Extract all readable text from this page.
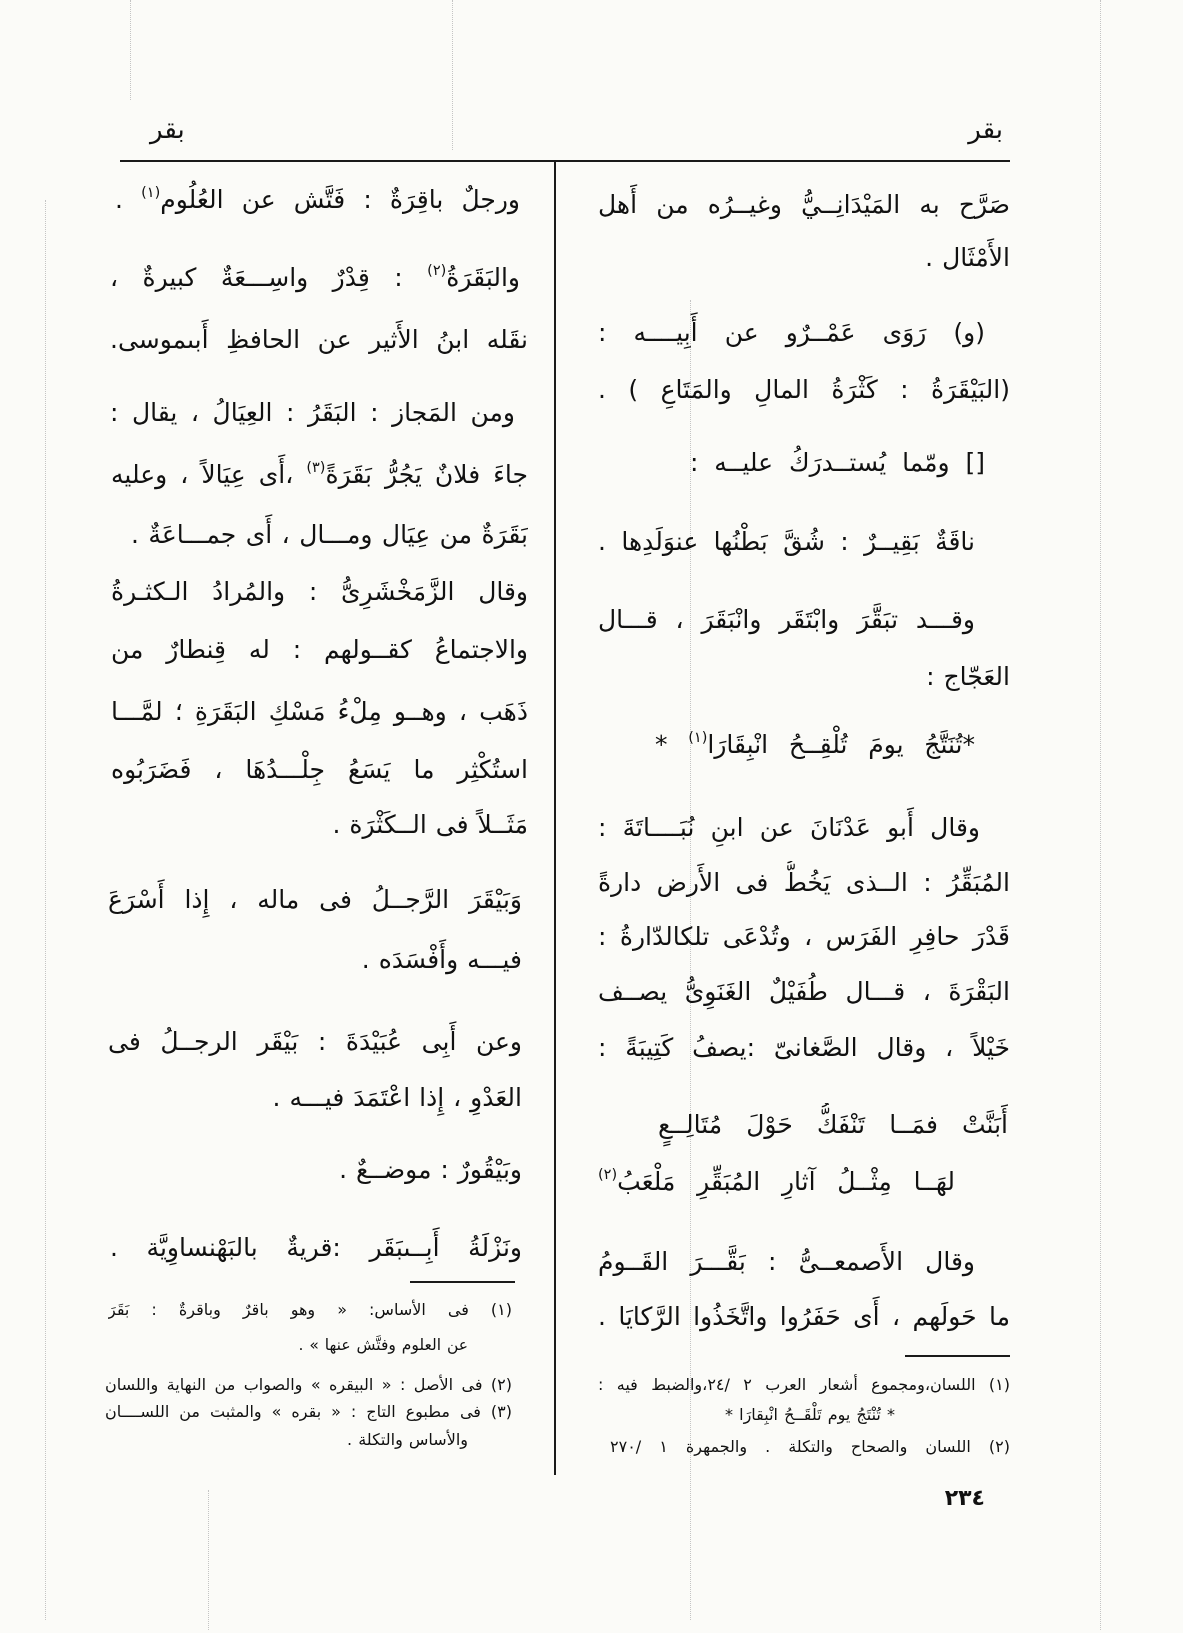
بقر	بقر
صَرَّح به المَيْدَانِــيُّ وغيــرُه من أَهل
الأَمْثَال .
(و) رَوَى عَمْــرٌو عن أَبِيــــه :
(البَيْقَرَةُ : كَثْرَةُ المالِ والمَتَاعِ ) .
[] ومّما يُستــدرَكُ عليــه :
ناقَةٌ بَقِيــرٌ : شُقَّ بَطْنُها عنوَلَدِها .
وقـــد تبَقَّرَ وابْتَقَر وانْبَقَرَ ، قـــال
العَجّاج :
*تُنَتَّجُ يومَ تُلْقِــحُ انْبِقَارَا$^{(١)}$ *
وقال أَبو عَدْنَانَ عن ابنِ نُبَــــاتَةَ :
المُبَقِّرُ : الــذى يَخُطُّ فى الأَرض دارةً
قَدْرَ حافِرِ الفَرَس ، وتُدْعَى تلكالدّارةُ :
البَقْرَةَ ، قـــال طُفَيْلٌ الغَنَوِىُّ يصــف
خَيْلاً ، وقال الصَّغانىّ :يصفُ كَتِيبَةً :
أَبَنَّتْ فمَــا تَنْفَكُّ حَوْلَ مُتَالِــعٍ
لهَــا مِثْــلُ آثارِ المُبَقِّرِ مَلْعَبُ$^{(٢)}$
وقال الأَصمعــىُّ : بَقَّـــرَ القَــومُ
ما حَولَهم ، أَى حَفَرُوا واتَّخَذُوا الرَّكايَا .
(١) اللسان،ومجموع أشعار العرب ٢ /٢٤،والضبط فيه :
* تُنْتَجُ يوم تَلْقَــحُ انْبِقارَا *
(٢) اللسان والصحاح والتكلة . والجمهرة ١ /٢٧٠
ورجلٌ باقِرَةٌ : فَتَّش عن العُلُوم$^{(١)}$ .
والبَقَرَةُ$^{(٢)}$ : قِدْرٌ واسِـــعَةٌ كبيرةٌ ،
نقَله ابنُ الأَثير عن الحافظِ أَبىموسى.
ومن المَجاز : البَقَرُ : العِيَالُ ، يقال :
جاءَ فلانٌ يَجُرُّ بَقَرَةً$^{(٣)}$ ،أَى عِيَالاً ، وعليه
بَقَرَةٌ من عِيَال ومـــال ، أَى جمـــاعَةٌ .
وقال الزَّمَخْشَرِىُّ : والمُرادُ الـكثـرةُ
والاجتماعُ كقــولهم : له قِنطارٌ من
ذَهَب ، وهــو مِلْءُ مَسْكِ البَقَرَةِ ؛ لمَّـــا
استُكْثِر ما يَسَعُ جِلْـــدُهَا ، فَضَرَبُوه
مَثَــلاً فى الــكَثْرَة .
وَبَيْقَرَ الرَّجــلُ فى ماله ، إِذا أَسْرَعَ
فيـــه وأَفْسَدَه .
وعن أَبِى عُبَيْدَةَ : بَيْقَر الرجــلُ فى
العَدْوِ ، إِذا اعْتَمَدَ فيـــه .
وبَيْقُورٌ : موضــعٌ .
ونَزْلَةُ أَبِــىبَقَر :قريةٌ بالبَهْنساوِيَّة .
(١) فى الأساس: « وهو باقرٌ وباقرةٌ : بَقَرَ
عن العلوم وفتَّش عنها » .
(٢) فى الأصل : « البيقره » والصواب من النهاية واللسان
(٣) فى مطبوع التاج : « بقره » والمثبت من اللســــان
والأساس والتكلة .
٢٣٤
